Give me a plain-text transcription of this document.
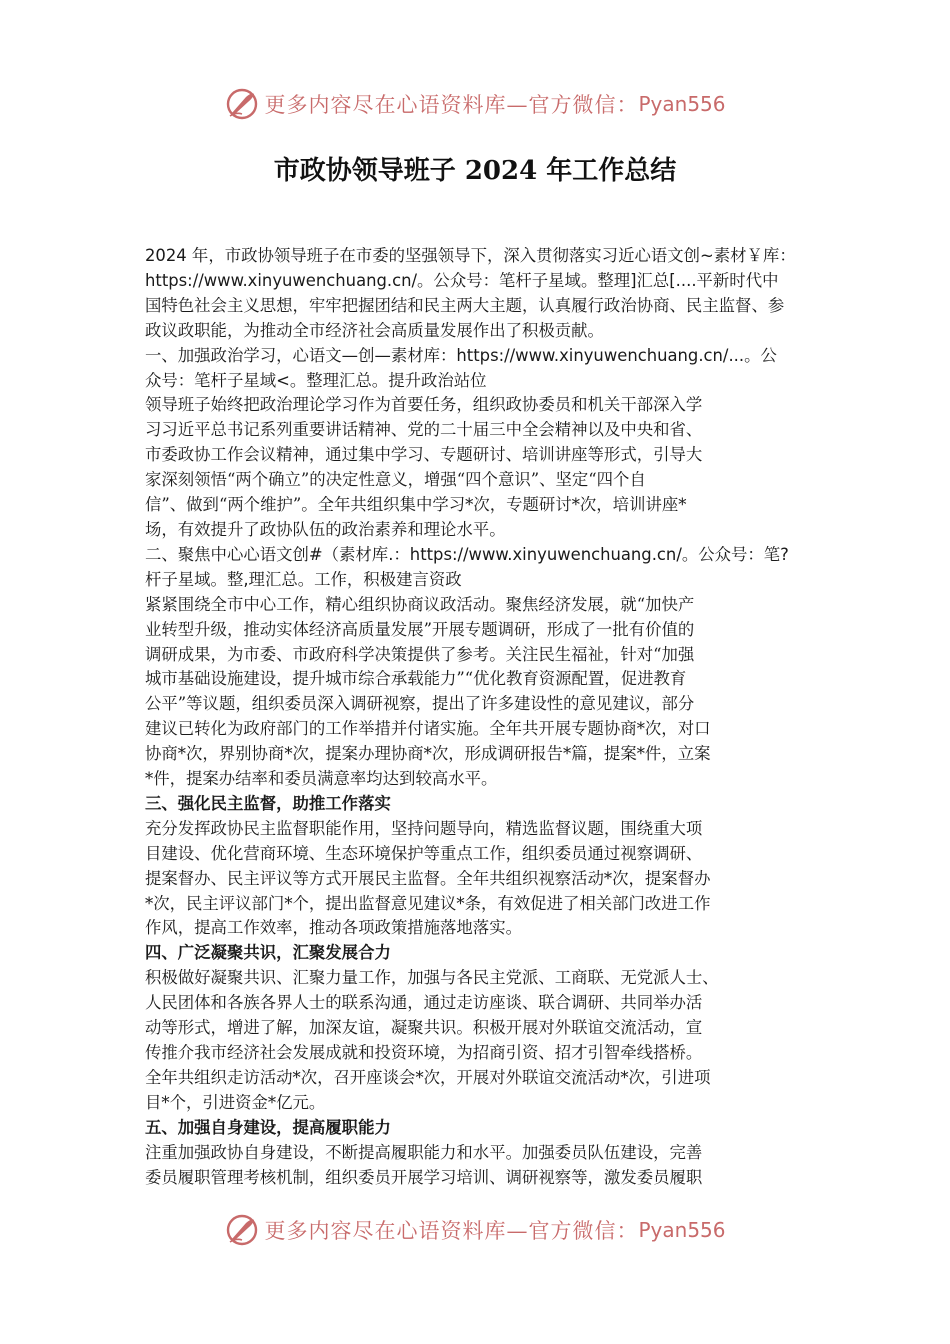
更多内容尽在心语资料库—官方微信： Pyan556
市政协领导班子 2024 年工作总结
2024 年，市政协领导班子在市委的坚强领导下，深入贯彻落实习近心语文创~素材￥库：
https://www.xinyuwenchuang.cn/。公众号：笔杆子星域。整理]汇总[....平新时代中
国特色社会主义思想，牢牢把握团结和民主两大主题，认真履行政治协商、民主监督、参
政议政职能，为推动全市经济社会高质量发展作出了积极贡献。
一、加强政治学习，心语文—创—素材库：https://www.xinyuwenchuang.cn/...。公
众号：笔杆子星域<。整理汇总。提升政治站位
领导班子始终把政治理论学习作为首要任务，组织政协委员和机关干部深入学
习习近平总书记系列重要讲话精神、党的二十届三中全会精神以及中央和省、
市委政协工作会议精神，通过集中学习、专题研讨、培训讲座等形式，引导大
家深刻领悟“两个确立”的决定性意义，增强“四个意识”、坚定“四个自
信”、做到“两个维护”。全年共组织集中学习*次，专题研讨*次，培训讲座*
场，有效提升了政协队伍的政治素养和理论水平。
二、聚焦中心心语文创#（素材库.：https://www.xinyuwenchuang.cn/。公众号：笔?
杆子星域。整,理汇总。工作，积极建言资政
紧紧围绕全市中心工作，精心组织协商议政活动。聚焦经济发展，就“加快产
业转型升级，推动实体经济高质量发展”开展专题调研，形成了一批有价值的
调研成果，为市委、市政府科学决策提供了参考。关注民生福祉，针对“加强
城市基础设施建设，提升城市综合承载能力”“优化教育资源配置，促进教育
公平”等议题，组织委员深入调研视察，提出了许多建设性的意见建议，部分
建议已转化为政府部门的工作举措并付诸实施。全年共开展专题协商*次，对口
协商*次，界别协商*次，提案办理协商*次，形成调研报告*篇，提案*件，立案
*件，提案办结率和委员满意率均达到较高水平。
三、强化民主监督，助推工作落实
充分发挥政协民主监督职能作用，坚持问题导向，精选监督议题，围绕重大项
目建设、优化营商环境、生态环境保护等重点工作，组织委员通过视察调研、
提案督办、民主评议等方式开展民主监督。全年共组织视察活动*次，提案督办
*次，民主评议部门*个，提出监督意见建议*条，有效促进了相关部门改进工作
作风，提高工作效率，推动各项政策措施落地落实。
四、广泛凝聚共识，汇聚发展合力
积极做好凝聚共识、汇聚力量工作，加强与各民主党派、工商联、无党派人士、
人民团体和各族各界人士的联系沟通，通过走访座谈、联合调研、共同举办活
动等形式，增进了解，加深友谊，凝聚共识。积极开展对外联谊交流活动，宣
传推介我市经济社会发展成就和投资环境，为招商引资、招才引智牵线搭桥。
全年共组织走访活动*次，召开座谈会*次，开展对外联谊交流活动*次，引进项
目*个，引进资金*亿元。
五、加强自身建设，提高履职能力
注重加强政协自身建设，不断提高履职能力和水平。加强委员队伍建设，完善
委员履职管理考核机制，组织委员开展学习培训、调研视察等，激发委员履职
更多内容尽在心语资料库—官方微信： Pyan556
